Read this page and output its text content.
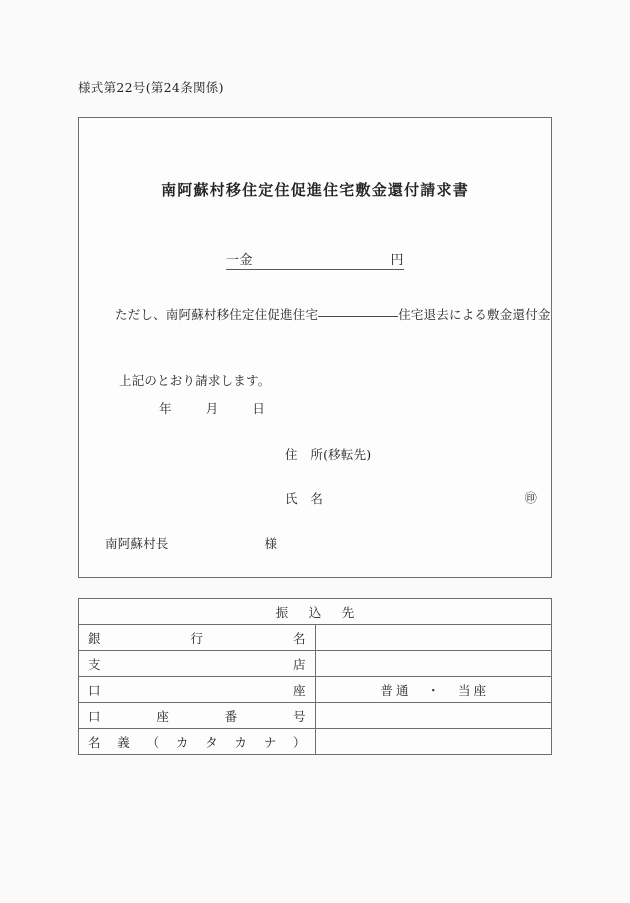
様式第22号(第24条関係)
南阿蘇村移住定住促進住宅敷金還付請求書
一金	円
ただし、南阿蘇村移住定住促進住宅	住宅退去による敷金還付金
上記のとおり請求します。
年	月	日
住　所(移転先)
氏　名	㊞
南阿蘇村長	様
振　込　先	
銀　行　名	
支　店	
口　座	普通　・　当座
口座番号	
名義（カタカナ）	
